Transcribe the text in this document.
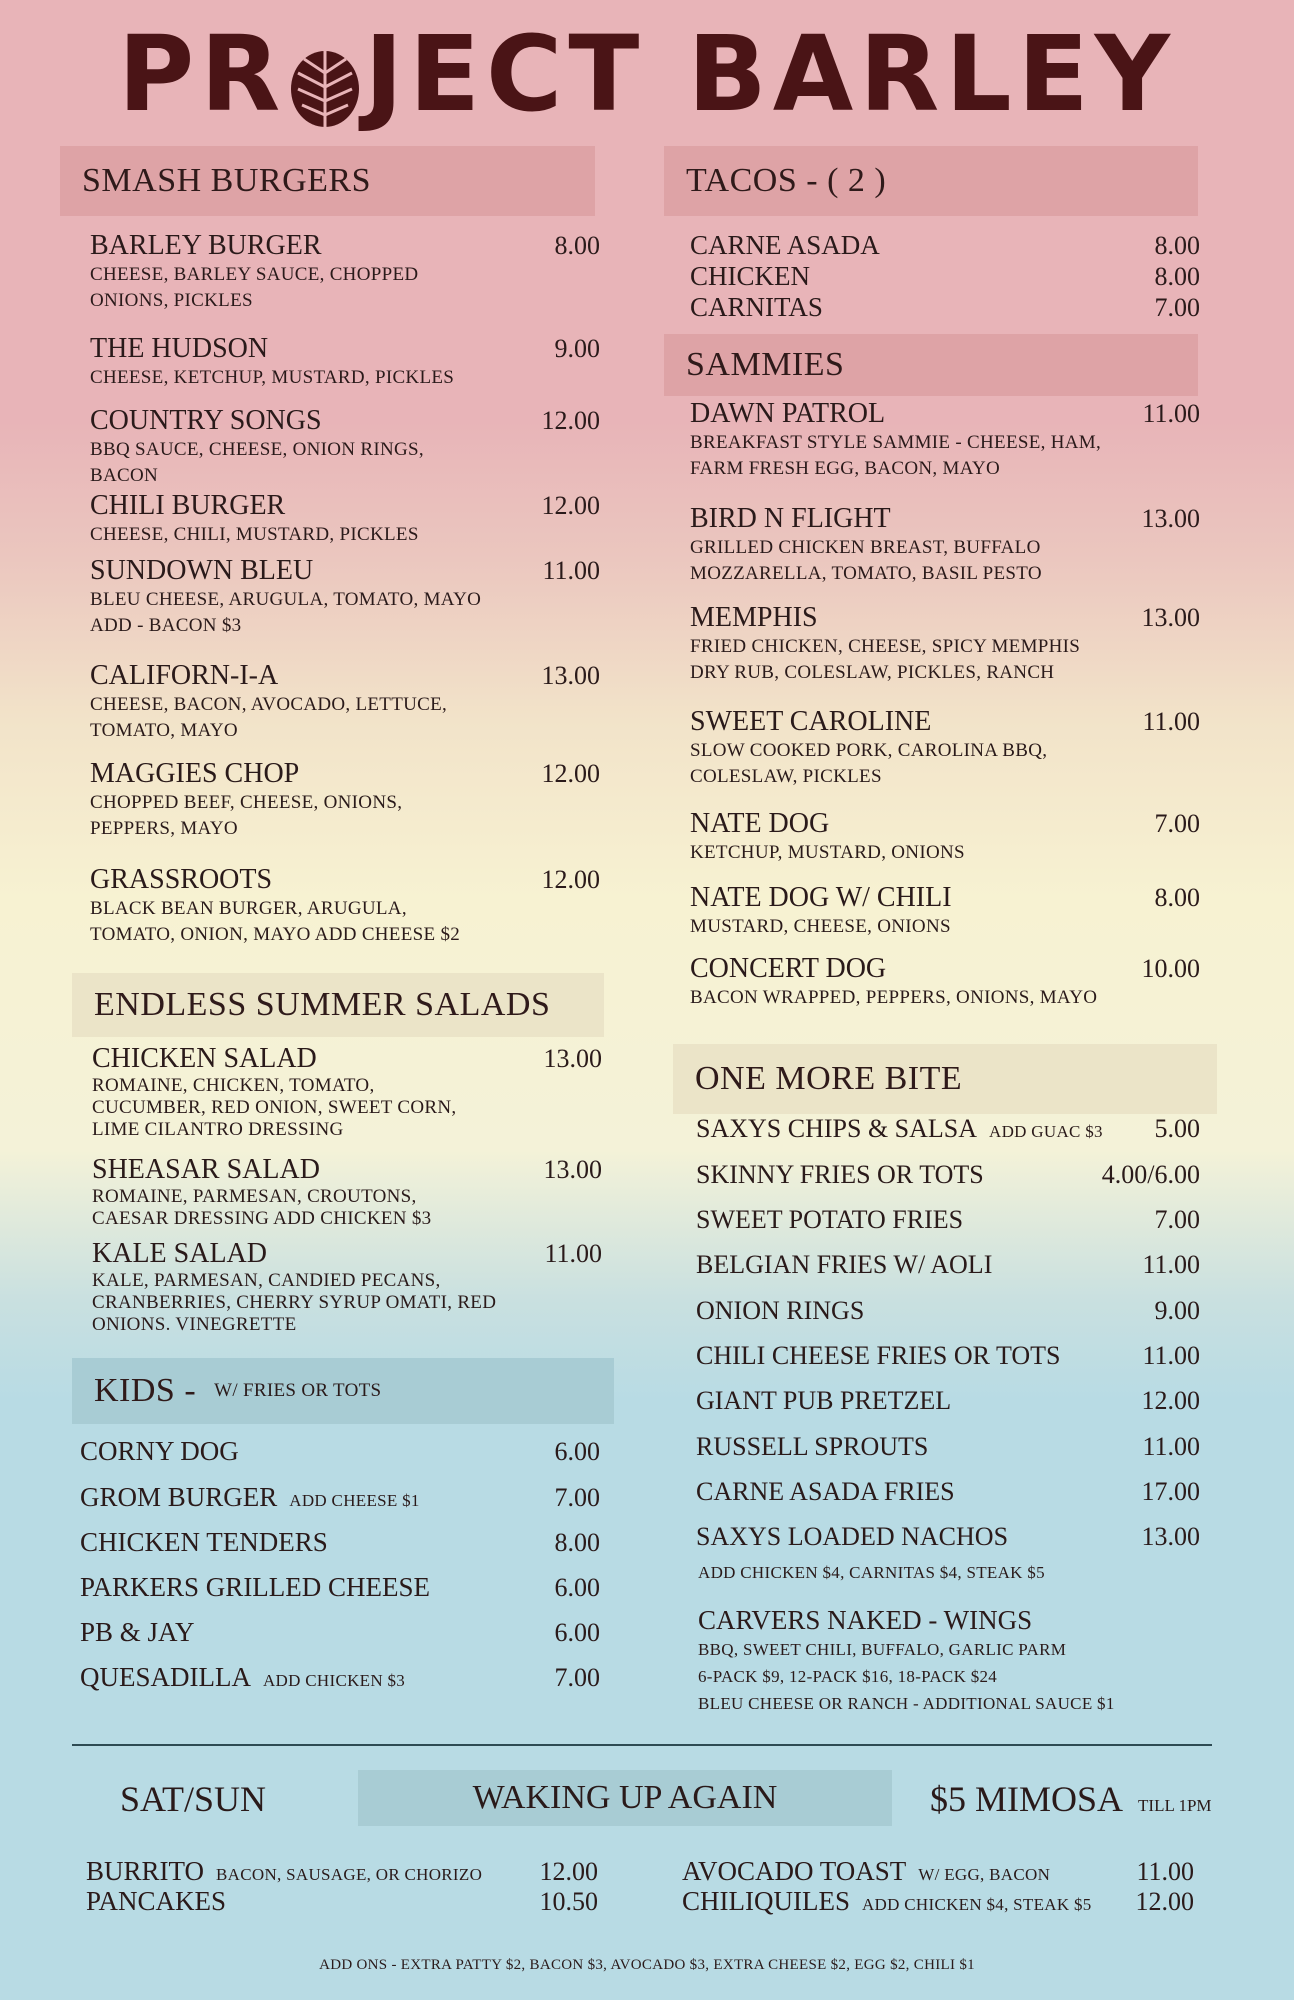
PR JECT BARLEY
SMASH BURGERS
BARLEY BURGER	8.00
CHEESE, BARLEY SAUCE, CHOPPED
ONIONS, PICKLES
THE HUDSON	9.00
CHEESE, KETCHUP, MUSTARD, PICKLES
COUNTRY SONGS	12.00
BBQ SAUCE, CHEESE, ONION RINGS,
BACON
CHILI BURGER	12.00
CHEESE, CHILI, MUSTARD, PICKLES
SUNDOWN BLEU	11.00
BLEU CHEESE, ARUGULA, TOMATO, MAYO
ADD - BACON $3
CALIFORN-I-A	13.00
CHEESE, BACON, AVOCADO, LETTUCE,
TOMATO, MAYO
MAGGIES CHOP	12.00
CHOPPED BEEF, CHEESE, ONIONS,
PEPPERS, MAYO
GRASSROOTS	12.00
BLACK BEAN BURGER, ARUGULA,
TOMATO, ONION, MAYO ADD CHEESE $2
ENDLESS SUMMER SALADS
CHICKEN SALAD	13.00
ROMAINE, CHICKEN, TOMATO,
CUCUMBER, RED ONION, SWEET CORN,
LIME CILANTRO DRESSING
SHEASAR SALAD	13.00
ROMAINE, PARMESAN, CROUTONS,
CAESAR DRESSING ADD CHICKEN $3
KALE SALAD	11.00
KALE, PARMESAN, CANDIED PECANS,
CRANBERRIES, CHERRY SYRUP OMATI, RED
ONIONS. VINEGRETTE
KIDS - W/ FRIES OR TOTS
CORNY DOG	6.00
GROM BURGER ADD CHEESE $1	7.00
CHICKEN TENDERS	8.00
PARKERS GRILLED CHEESE	6.00
PB & JAY	6.00
QUESADILLA ADD CHICKEN $3	7.00
TACOS - ( 2 )
CARNE ASADA	8.00
CHICKEN	8.00
CARNITAS	7.00
SAMMIES
DAWN PATROL	11.00
BREAKFAST STYLE SAMMIE - CHEESE, HAM,
FARM FRESH EGG, BACON, MAYO
BIRD N FLIGHT	13.00
GRILLED CHICKEN BREAST, BUFFALO
MOZZARELLA, TOMATO, BASIL PESTO
MEMPHIS	13.00
FRIED CHICKEN, CHEESE, SPICY MEMPHIS
DRY RUB, COLESLAW, PICKLES, RANCH
SWEET CAROLINE	11.00
SLOW COOKED PORK, CAROLINA BBQ,
COLESLAW, PICKLES
NATE DOG	7.00
KETCHUP, MUSTARD, ONIONS
NATE DOG W/ CHILI	8.00
MUSTARD, CHEESE, ONIONS
CONCERT DOG	10.00
BACON WRAPPED, PEPPERS, ONIONS, MAYO
ONE MORE BITE
SAXYS CHIPS & SALSA ADD GUAC $3 5.00
SKINNY FRIES OR TOTS	4.00/6.00
SWEET POTATO FRIES	7.00
BELGIAN FRIES W/ AOLI	11.00
ONION RINGS	9.00
CHILI CHEESE FRIES OR TOTS	11.00
GIANT PUB PRETZEL	12.00
RUSSELL SPROUTS	11.00
CARNE ASADA FRIES	17.00
SAXYS LOADED NACHOS	13.00
ADD CHICKEN $4, CARNITAS $4, STEAK $5
CARVERS NAKED - WINGS
BBQ, SWEET CHILI, BUFFALO, GARLIC PARM
6-PACK $9, 12-PACK $16, 18-PACK $24
BLEU CHEESE OR RANCH - ADDITIONAL SAUCE $1
SAT/SUN	WAKING UP AGAIN	$5 MIMOSA TILL 1PM
BURRITO BACON, SAUSAGE, OR CHORIZO 12.00
PANCAKES	10.50
AVOCADO TOAST W/ EGG, BACON	11.00
CHILIQUILES ADD CHICKEN $4, STEAK $5 12.00
ADD ONS - EXTRA PATTY $2, BACON $3, AVOCADO $3, EXTRA CHEESE $2, EGG $2, CHILI $1
